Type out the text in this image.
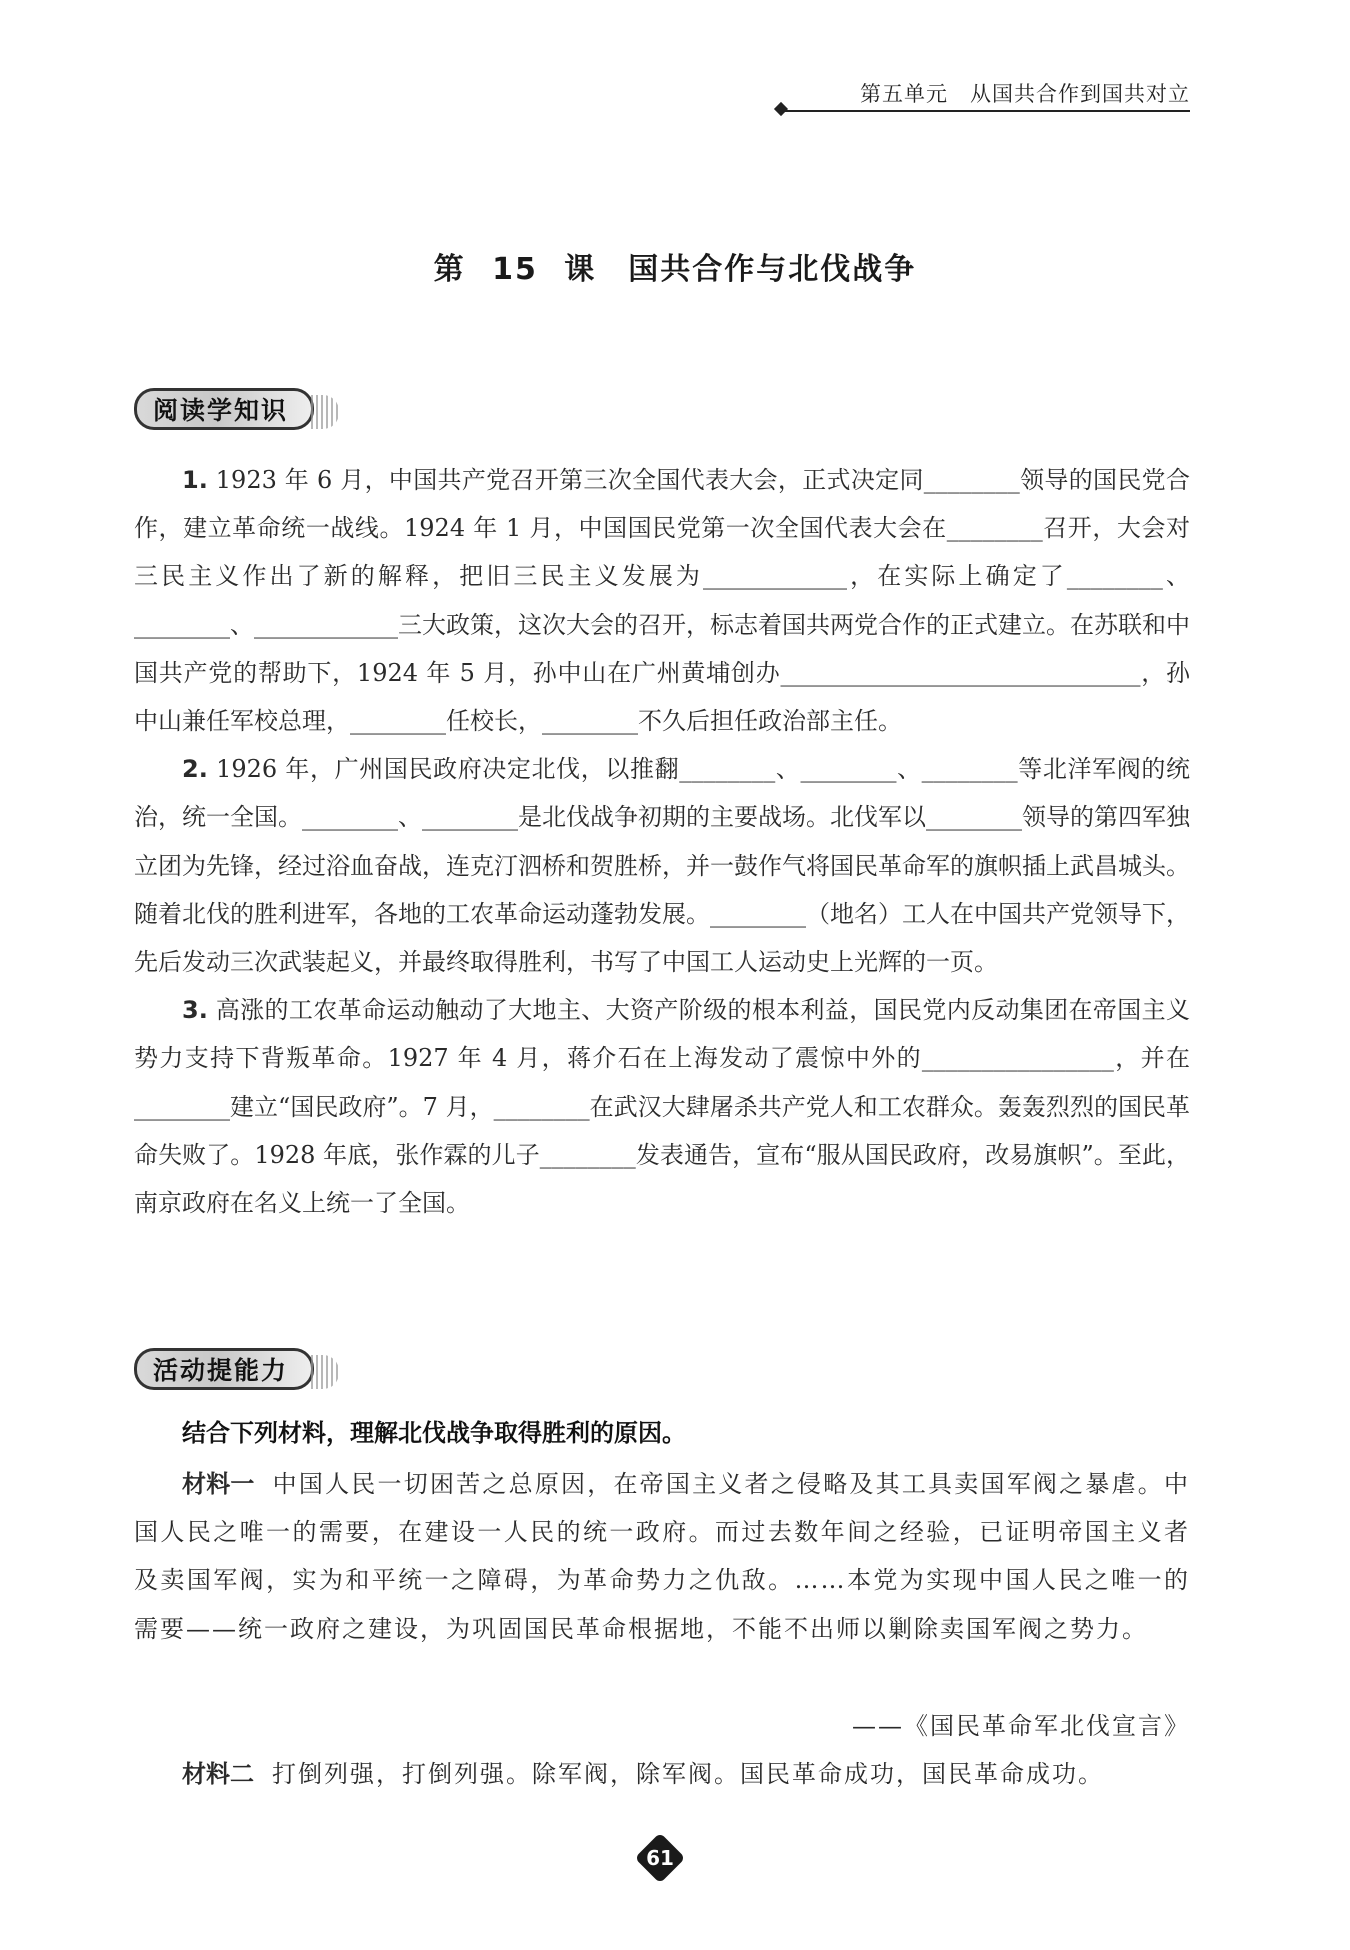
第五单元　从国共合作到国共对立
第 15 课　国共合作与北伐战争
阅读学知识

1. 1923 年 6 月，中国共产党召开第三次全国代表大会，正式决定同________领导的国民党合作，建立革命统一战线。1924 年 1 月，中国国民党第一次全国代表大会在________召开，大会对三民主义作出了新的解释，把旧三民主义发展为____________，在实际上确定了________、________、____________三大政策，这次大会的召开，标志着国共两党合作的正式建立。在苏联和中国共产党的帮助下，1924 年 5 月，孙中山在广州黄埔创办______________________________，孙中山兼任军校总理，________任校长，________不久后担任政治部主任。

2. 1926 年，广州国民政府决定北伐，以推翻________、________、________等北洋军阀的统治，统一全国。________、________是北伐战争初期的主要战场。北伐军以________领导的第四军独立团为先锋，经过浴血奋战，连克汀泗桥和贺胜桥，并一鼓作气将国民革命军的旗帜插上武昌城头。随着北伐的胜利进军，各地的工农革命运动蓬勃发展。________（地名）工人在中国共产党领导下，先后发动三次武装起义，并最终取得胜利，书写了中国工人运动史上光辉的一页。

3. 高涨的工农革命运动触动了大地主、大资产阶级的根本利益，国民党内反动集团在帝国主义势力支持下背叛革命。1927 年 4 月，蒋介石在上海发动了震惊中外的________________，并在________建立“国民政府”。7 月，________在武汉大肆屠杀共产党人和工农群众。轰轰烈烈的国民革命失败了。1928 年底，张作霖的儿子________发表通告，宣布“服从国民政府，改易旗帜”。至此，南京政府在名义上统一了全国。

活动提能力
结合下列材料，理解北伐战争取得胜利的原因。

材料一 中国人民一切困苦之总原因，在帝国主义者之侵略及其工具卖国军阀之暴虐。中国人民之唯一的需要，在建设一人民的统一政府。而过去数年间之经验，已证明帝国主义者及卖国军阀，实为和平统一之障碍，为革命势力之仇敌。……本党为实现中国人民之唯一的需要——统一政府之建设，为巩固国民革命根据地，不能不出师以剿除卖国军阀之势力。

——《国民革命军北伐宣言》

材料二 打倒列强，打倒列强。除军阀，除军阀。国民革命成功，国民革命成功。

61
